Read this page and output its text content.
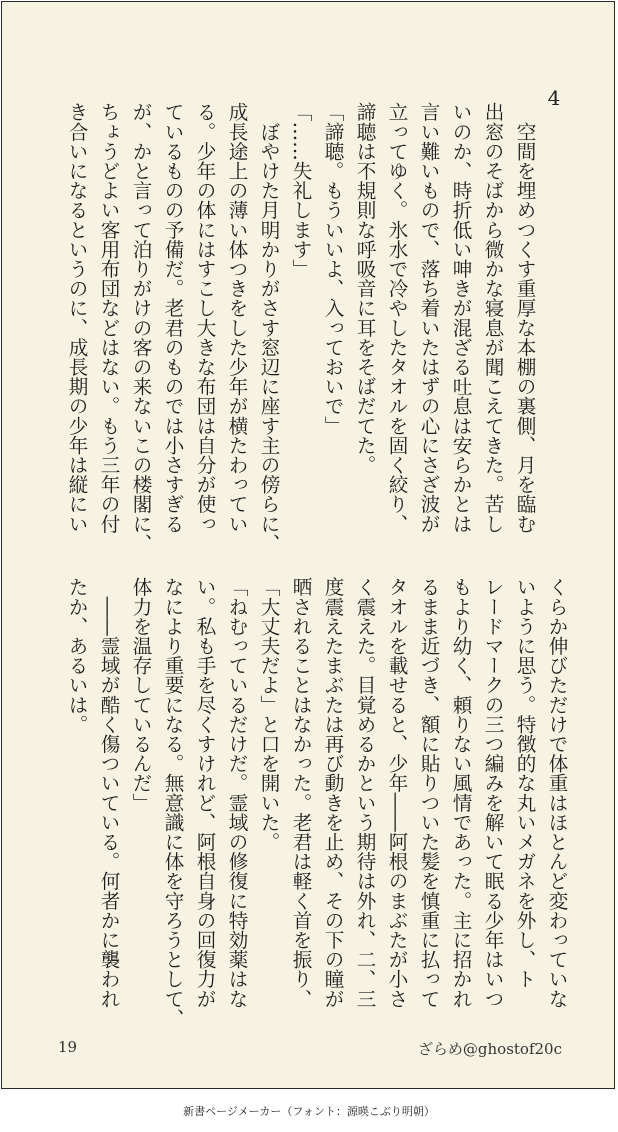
4
　空間を埋めつくす重厚な本棚の裏側、月を臨む
出窓のそばから微かな寝息が聞こえてきた。苦し
いのか、時折低い呻きが混ざる吐息は安らかとは
言い難いもので、落ち着いたはずの心にさざ波が
立ってゆく。氷水で冷やしたタオルを固く絞り、
諦聴は不規則な呼吸音に耳をそばだてた。
「諦聴。もういいよ、入っておいで」
「……失礼します」
　ぼやけた月明かりがさす窓辺に座す主の傍らに、
成長途上の薄い体つきをした少年が横たわってい
る。少年の体にはすこし大きな布団は自分が使っ
ているものの予備だ。老君のものでは小さすぎる
が、かと言って泊りがけの客の来ないこの楼閣に、
ちょうどよい客用布団などはない。もう三年の付
き合いになるというのに、成長期の少年は縦にい
くらか伸びただけで体重はほとんど変わっていな
いように思う。特徴的な丸いメガネを外し、ト
レードマークの三つ編みを解いて眠る少年はいつ
もより幼く、頼りない風情であった。主に招かれ
るまま近づき、額に貼りついた髪を慎重に払って
タオルを載せると、少年――阿根のまぶたが小さ
く震えた。目覚めるかという期待は外れ、二、三
度震えたまぶたは再び動きを止め、その下の瞳が
晒されることはなかった。老君は軽く首を振り、
「大丈夫だよ」と口を開いた。
「ねむっているだけだ。霊域の修復に特効薬はな
い。私も手を尽くすけれど、阿根自身の回復力が
なにより重要になる。無意識に体を守ろうとして、
体力を温存しているんだ」
　――霊域が酷く傷ついている。何者かに襲われ
たか、あるいは。
19	ざらめ@ghostof20c
新書ページメーカー（フォント：源暎こぶり明朝）
